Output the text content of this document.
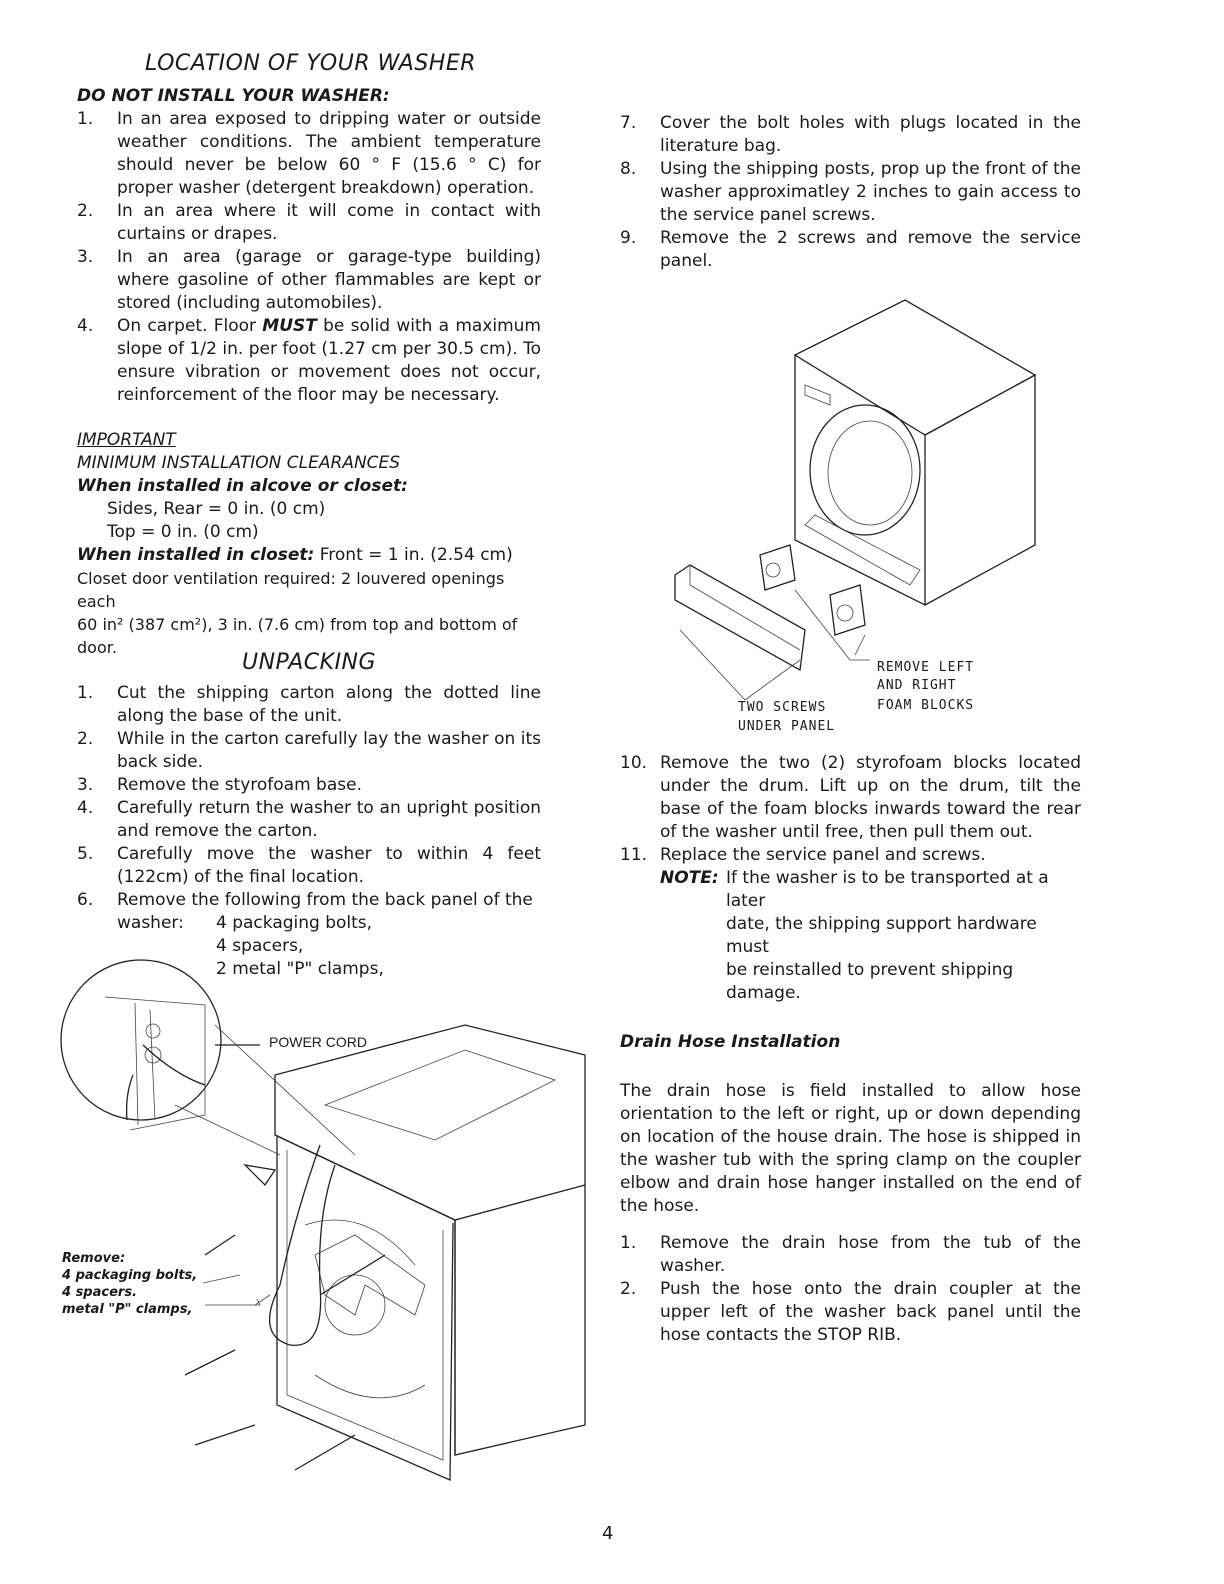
LOCATION OF YOUR WASHER

DO NOT INSTALL YOUR WASHER:

1. In an area exposed to dripping water or outside weather conditions. The ambient temperature should never be below 60 ° F (15.6 ° C) for proper washer (detergent breakdown) operation.
2. In an area where it will come in contact with curtains or drapes.
3. In an area (garage or garage-type building) where gasoline of other flammables are kept or stored (including automobiles).
4. On carpet. Floor MUST be solid with a maximum slope of 1/2 in. per foot (1.27 cm per 30.5 cm). To ensure vibration or movement does not occur, reinforcement of the floor may be necessary.

IMPORTANT

MINIMUM INSTALLATION CLEARANCES

When installed in alcove or closet:

Sides, Rear = 0 in. (0 cm)

Top = 0 in. (0 cm)

When installed in closet: Front = 1 in. (2.54 cm)

Closet door ventilation required: 2 louvered openings each
60 in² (387 cm²), 3 in. (7.6 cm) from top and bottom of
door.

UNPACKING
1. Cut the shipping carton along the dotted line along the base of the unit.
2. While in the carton carefully lay the washer on its back side.
3. Remove the styrofoam base.
4. Carefully return the washer to an upright position and remove the carton.
5. Carefully move the washer to within 4 feet (122cm) of the final location.
6. Remove the following from the back panel of the
washer: 4 packaging bolts,
4 spacers,
2 metal "P" clamps,
POWER CORD
Remove:
4 packaging bolts,
4 spacers.
metal "P" clamps,
7. Cover the bolt holes with plugs located in the literature bag.
8. Using the shipping posts, prop up the front of the washer approximatley 2 inches to gain access to the service panel screws.
9. Remove the 2 screws and remove the service panel.
REMOVE LEFT
AND RIGHT
FOAM BLOCKS
TWO SCREWS
UNDER PANEL
10. Remove the two (2) styrofoam blocks located under the drum. Lift up on the drum, tilt the base of the foam blocks inwards toward the rear of the washer until free, then pull them out.
11. Replace the service panel and screws.
NOTE: If the washer is to be transported at a later
date, the shipping support hardware must
be reinstalled to prevent shipping damage.

Drain Hose Installation

The drain hose is field installed to allow hose orientation to the left or right, up or down depending on location of the house drain. The hose is shipped in the washer tub with the spring clamp on the coupler elbow and drain hose hanger installed on the end of the hose.

1. Remove the drain hose from the tub of the washer.
2. Push the hose onto the drain coupler at the upper left of the washer back panel until the hose contacts the STOP RIB.
4
